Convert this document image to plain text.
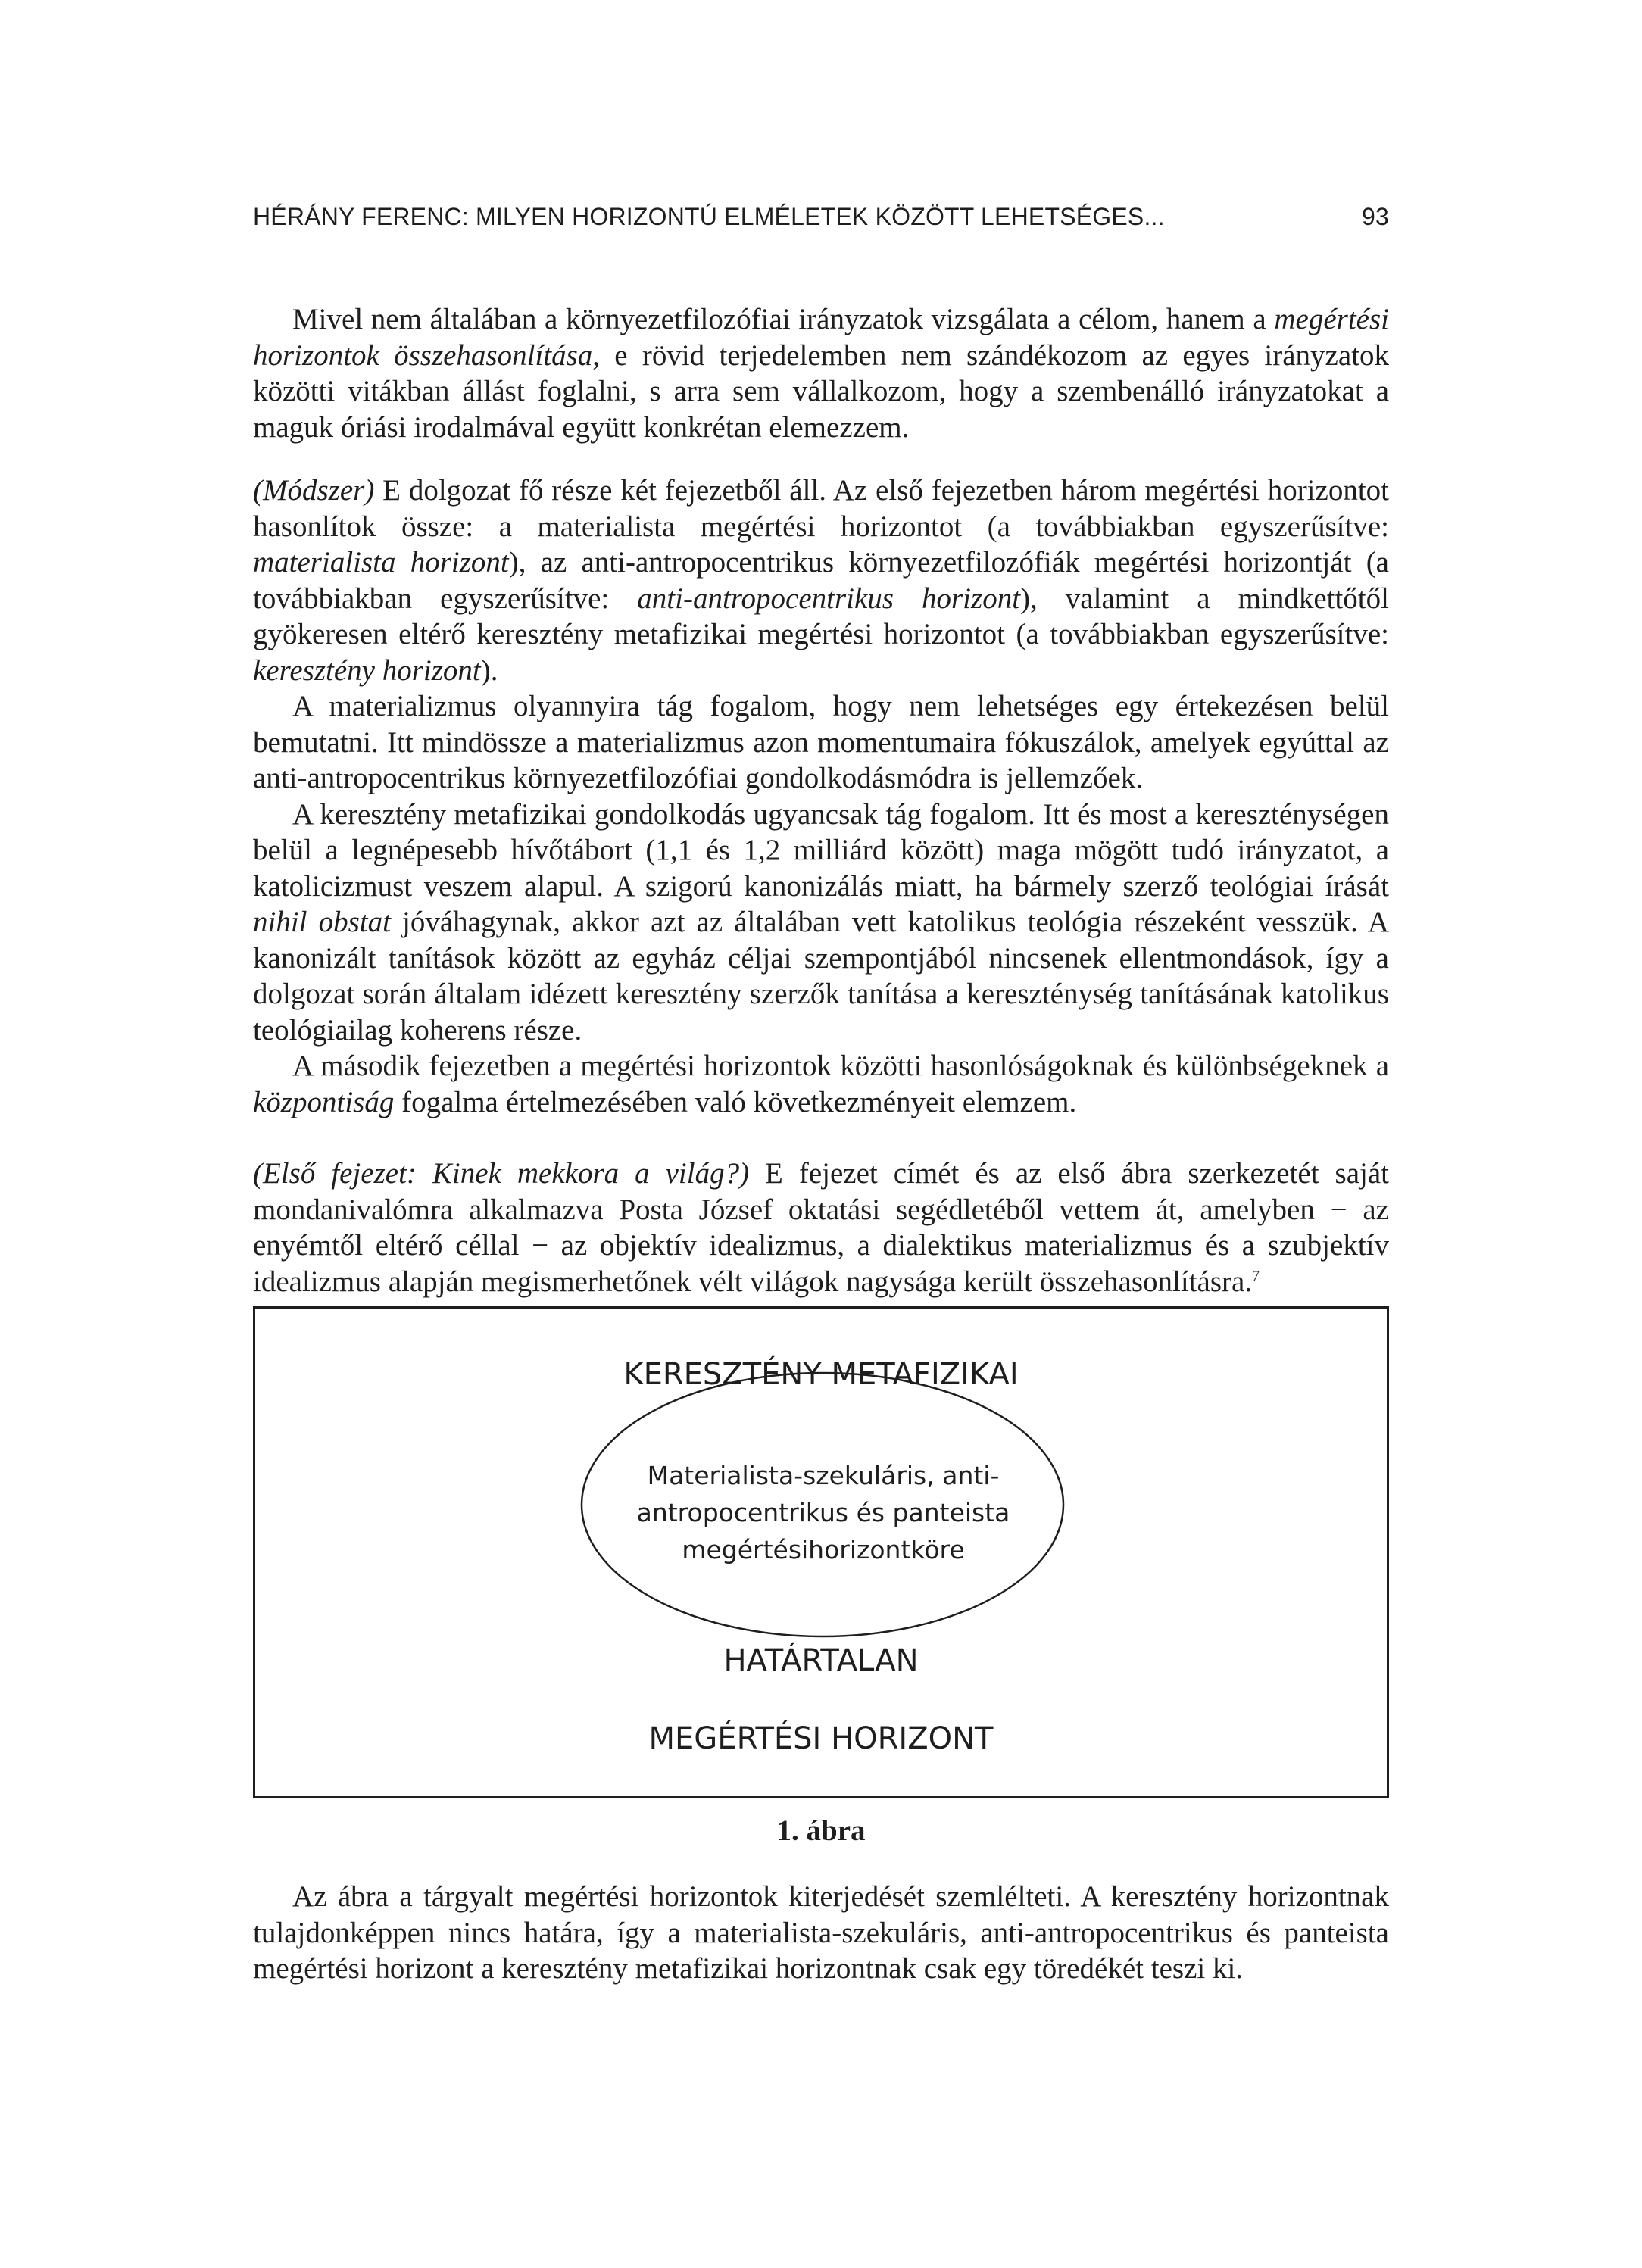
HÉRÁNY FERENC: MILYEN HORIZONTÚ ELMÉLETEK KÖZÖTT LEHETSÉGES...	93

Mivel nem általában a környezetfilozófiai irányzatok vizsgálata a célom, hanem a megértési horizontok összehasonlítása, e rövid terjedelemben nem szándékozom az egyes irányzatok közötti vitákban állást foglalni, s arra sem vállalkozom, hogy a szembenálló irányzatokat a maguk óriási irodalmával együtt konkrétan elemezzem.

(Módszer) E dolgozat fő része két fejezetből áll. Az első fejezetben három megértési horizontot hasonlítok össze: a materialista megértési horizontot (a továbbiakban egyszerűsítve: materialista horizont), az anti-antropocentrikus környezetfilozófiák megértési horizontját (a továbbiakban egyszerűsítve: anti-antropocentrikus horizont), valamint a mindkettőtől gyökeresen eltérő keresztény metafizikai megértési horizontot (a továbbiakban egyszerűsítve: keresztény horizont).

A materializmus olyannyira tág fogalom, hogy nem lehetséges egy értekezésen belül bemutatni. Itt mindössze a materializmus azon momentumaira fókuszálok, amelyek egyúttal az anti-antropocentrikus környezetfilozófiai gondolkodásmódra is jellemzőek.

A keresztény metafizikai gondolkodás ugyancsak tág fogalom. Itt és most a kereszténységen belül a legnépesebb hívőtábort (1,1 és 1,2 milliárd között) maga mögött tudó irányzatot, a katolicizmust veszem alapul. A szigorú kanonizálás miatt, ha bármely szerző teológiai írását nihil obstat jóváhagynak, akkor azt az általában vett katolikus teológia részeként vesszük. A kanonizált tanítások között az egyház céljai szempontjából nincsenek ellentmondások, így a dolgozat során általam idézett keresztény szerzők tanítása a kereszténység tanításának katolikus teológiailag koherens része.

A második fejezetben a megértési horizontok közötti hasonlóságoknak és különbségeknek a központiság fogalma értelmezésében való következményeit elemzem.

(Első fejezet: Kinek mekkora a világ?) E fejezet címét és az első ábra szerkezetét saját mondanivalómra alkalmazva Posta József oktatási segédletéből vettem át, amelyben − az enyémtől eltérő céllal − az objektív idealizmus, a dialektikus materializmus és a szubjektív idealizmus alapján megismerhetőnek vélt világok nagysága került összehasonlításra.$^7$

KERESZTÉNY METAFIZIKAI
Materialista-szekuláris, anti-antropocentrikus és panteista megértésihorizontköre
HATÁRTALAN
MEGÉRTÉSI HORIZONT
1. ábra

Az ábra a tárgyalt megértési horizontok kiterjedését szemlélteti. A keresztény horizontnak tulajdonképpen nincs határa, így a materialista-szekuláris, anti-antropocentrikus és panteista megértési horizont a keresztény metafizikai horizontnak csak egy töredékét teszi ki.
